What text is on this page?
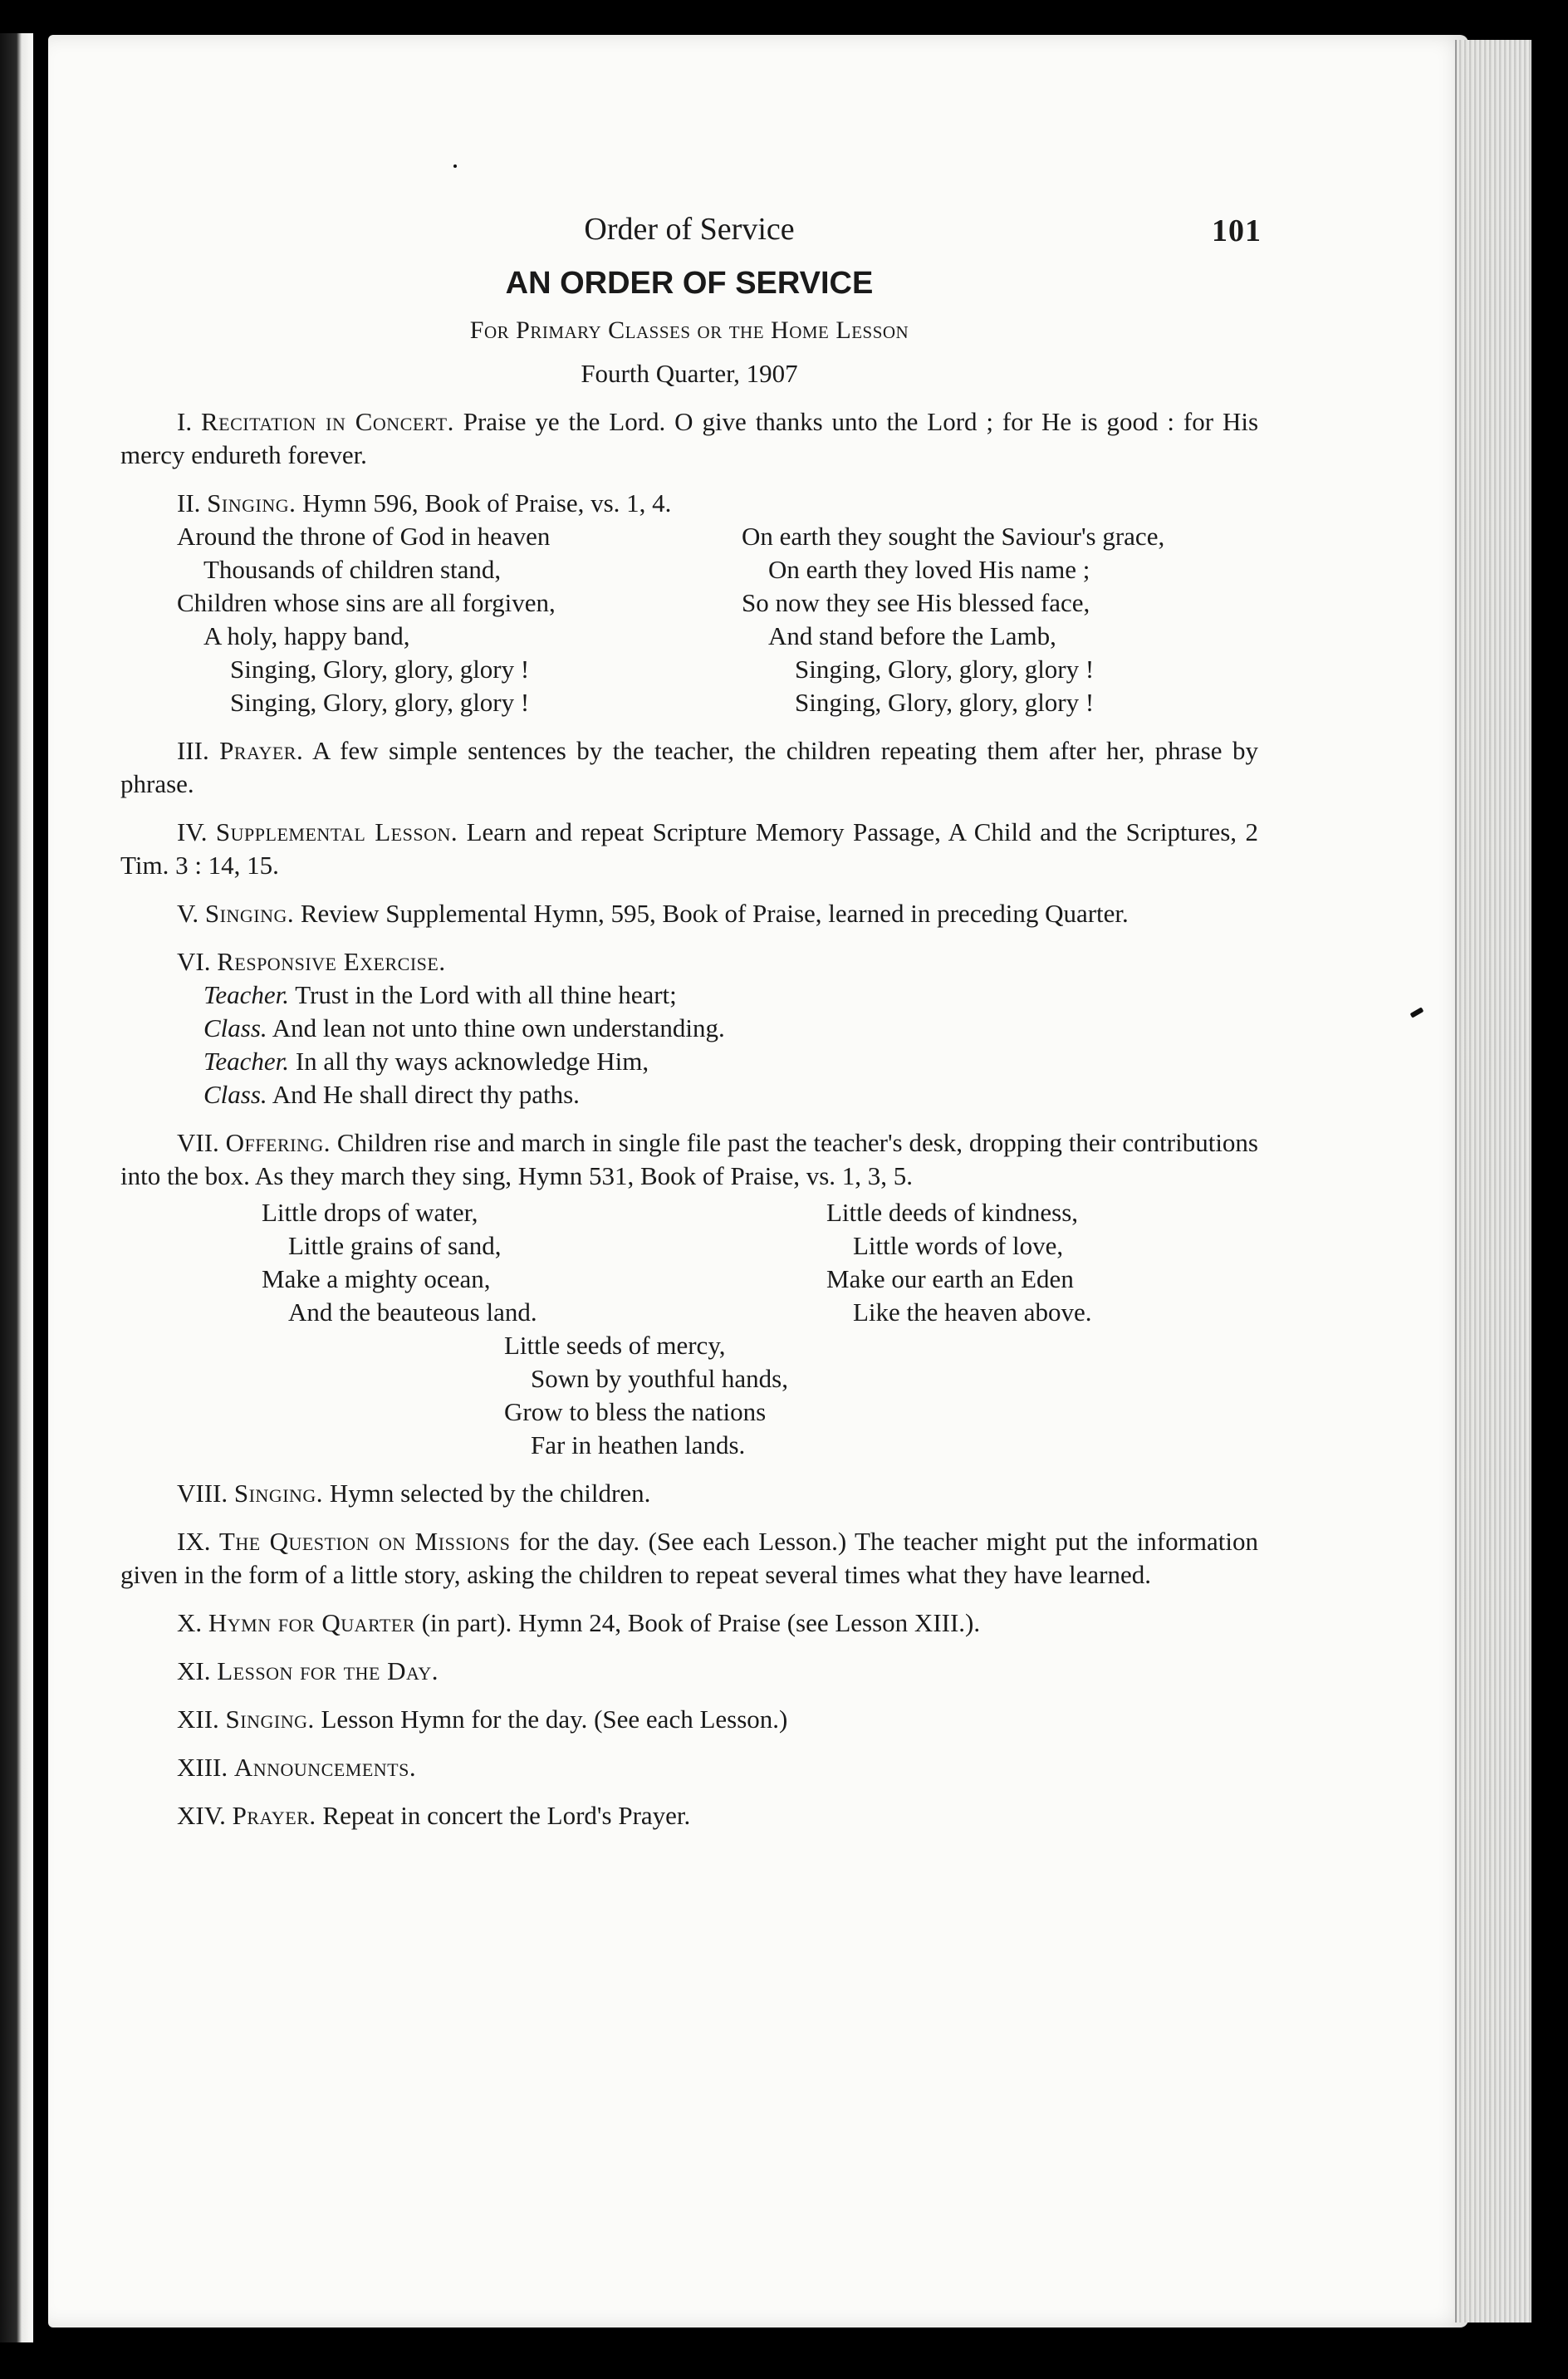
Order of Service	101
AN ORDER OF SERVICE
For Primary Classes or the Home Lesson
Fourth Quarter, 1907
I. Recitation in Concert. Praise ye the Lord. O give thanks unto the Lord ; for He is good : for His mercy endureth forever.
II. Singing. Hymn 596, Book of Praise, vs. 1, 4.
Around the throne of God in heaven
Thousands of children stand,
Children whose sins are all forgiven,
A holy, happy band,
Singing, Glory, glory, glory !
Singing, Glory, glory, glory !
On earth they sought the Saviour's grace,
On earth they loved His name ;
So now they see His blessed face,
And stand before the Lamb,
Singing, Glory, glory, glory !
Singing, Glory, glory, glory !
III. Prayer. A few simple sentences by the teacher, the children repeating them after her, phrase by phrase.
IV. Supplemental Lesson. Learn and repeat Scripture Memory Passage, A Child and the Scriptures, 2 Tim. 3 : 14, 15.
V. Singing. Review Supplemental Hymn, 595, Book of Praise, learned in preceding Quarter.
VI. Responsive Exercise.
Teacher. Trust in the Lord with all thine heart;
Class. And lean not unto thine own understanding.
Teacher. In all thy ways acknowledge Him,
Class. And He shall direct thy paths.
VII. Offering. Children rise and march in single file past the teacher's desk, dropping their contributions into the box. As they march they sing, Hymn 531, Book of Praise, vs. 1, 3, 5.
Little drops of water,
Little grains of sand,
Make a mighty ocean,
And the beauteous land.
Little deeds of kindness,
Little words of love,
Make our earth an Eden
Like the heaven above.
Little seeds of mercy,
Sown by youthful hands,
Grow to bless the nations
Far in heathen lands.
VIII. Singing. Hymn selected by the children.
IX. The Question on Missions for the day. (See each Lesson.) The teacher might put the information given in the form of a little story, asking the children to repeat several times what they have learned.
X. Hymn for Quarter (in part). Hymn 24, Book of Praise (see Lesson XIII.).
XI. Lesson for the Day.
XII. Singing. Lesson Hymn for the day. (See each Lesson.)
XIII. Announcements.
XIV. Prayer. Repeat in concert the Lord's Prayer.
